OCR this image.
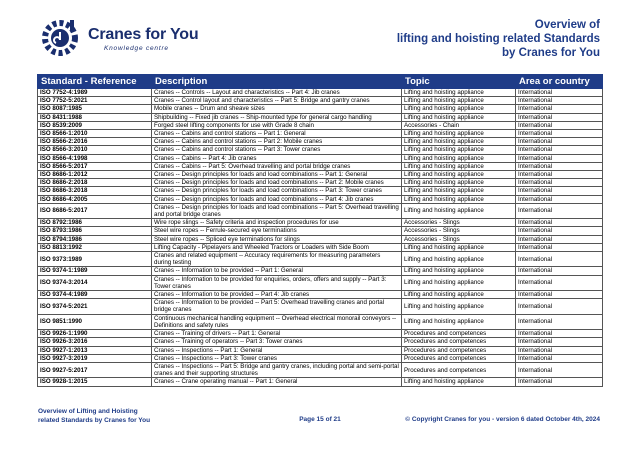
Cranes for You
Knowledge centre
Overview of
lifting and hoisting related Standards
by Cranes for You
Standard - Reference	Description	Topic	Area or country
ISO 7752-4:1989	Cranes -- Controls -- Layout and characteristics -- Part 4: Jib cranes	Lifting and hoisting appliance	International
ISO 7752-5:2021	Cranes -- Control layout and characteristics -- Part 5: Bridge and gantry cranes	Lifting and hoisting appliance	International
ISO 8087:1985	Mobile cranes -- Drum and sheave sizes	Lifting and hoisting appliance	International
ISO 8431:1988	Shipbuilding -- Fixed jib cranes -- Ship-mounted type for general cargo handling	Lifting and hoisting appliance	International
ISO 8539:2009	Forged steel lifting components for use with Grade 8 chain	Accessories - Chain	International
ISO 8566-1:2010	Cranes -- Cabins and control stations -- Part 1: General	Lifting and hoisting appliance	International
ISO 8566-2:2016	Cranes -- Cabins and control stations -- Part 2: Mobile cranes	Lifting and hoisting appliance	International
ISO 8566-3:2010	Cranes -- Cabins and control stations -- Part 3: Tower cranes	Lifting and hoisting appliance	International
ISO 8566-4:1998	Cranes -- Cabins -- Part 4: Jib cranes	Lifting and hoisting appliance	International
ISO 8566-5:2017	Cranes -- Cabins -- Part 5: Overhead travelling and portal bridge cranes	Lifting and hoisting appliance	International
ISO 8686-1:2012	Cranes -- Design principles for loads and load combinations -- Part 1: General	Lifting and hoisting appliance	International
ISO 8686-2:2018	Cranes -- Design principles for loads and load combinations -- Part 2: Mobile cranes	Lifting and hoisting appliance	International
ISO 8686-3:2018	Cranes -- Design principles for loads and load combinations -- Part 3: Tower cranes	Lifting and hoisting appliance	International
ISO 8686-4:2005	Cranes -- Design principles for loads and load combinations -- Part 4: Jib cranes	Lifting and hoisting appliance	International
ISO 8686-5:2017	Cranes -- Design principles for loads and load combinations -- Part 5: Overhead travelling and portal bridge cranes	Lifting and hoisting appliance	International
ISO 8792:1986	Wire rope slings -- Safety criteria and inspection procedures for use	Accessories - Slings	International
ISO 8793:1986	Steel wire ropes -- Ferrule-secured eye terminations	Accessories - Slings	International
ISO 8794:1986	Steel wire ropes -- Spliced eye terminations for slings	Accessories - Slings	International
ISO 8813:1992	Lifting Capacity - Pipelayers and Wheeled Tractors or Loaders with Side Boom	Lifting and hoisting appliance	International
ISO 9373:1989	Cranes and related equipment -- Accuracy requirements for measuring parameters during testing	Lifting and hoisting appliance	International
ISO 9374-1:1989	Cranes -- Information to be provided -- Part 1: General	Lifting and hoisting appliance	International
ISO 9374-3:2014	Cranes -- Information to be provided for enquiries, orders, offers and supply -- Part 3: Tower cranes	Lifting and hoisting appliance	International
ISO 9374-4:1989	Cranes -- Information to be provided -- Part 4: Jib cranes	Lifting and hoisting appliance	International
ISO 9374-5:2021	Cranes -- Information to be provided -- Part 5: Overhead travelling cranes and portal bridge cranes	Lifting and hoisting appliance	International
ISO 9851:1990	Continuous mechanical handling equipment -- Overhead electrical monorail conveyors -- Definitions and safety rules	Lifting and hoisting appliance	International
ISO 9926-1:1990	Cranes -- Training of drivers -- Part 1: General	Procedures and competences	International
ISO 9926-3:2016	Cranes -- Training of operators -- Part 3: Tower cranes	Procedures and competences	International
ISO 9927-1:2013	Cranes -- Inspections -- Part 1: General	Procedures and competences	International
ISO 9927-3:2019	Cranes -- Inspections -- Part 3: Tower cranes	Procedures and competences	International
ISO 9927-5:2017	Cranes -- Inspections -- Part 5: Bridge and gantry cranes, including portal and semi-portal cranes and their supporting structures	Procedures and competences	International
ISO 9928-1:2015	Cranes -- Crane operating manual -- Part 1: General	Lifting and hoisting appliance	International
Overview of Lifting and Hoisting
related Standards by Cranes for You	Page 15 of 21	© Copyright Cranes for you - version 6 dated October 4th, 2024
